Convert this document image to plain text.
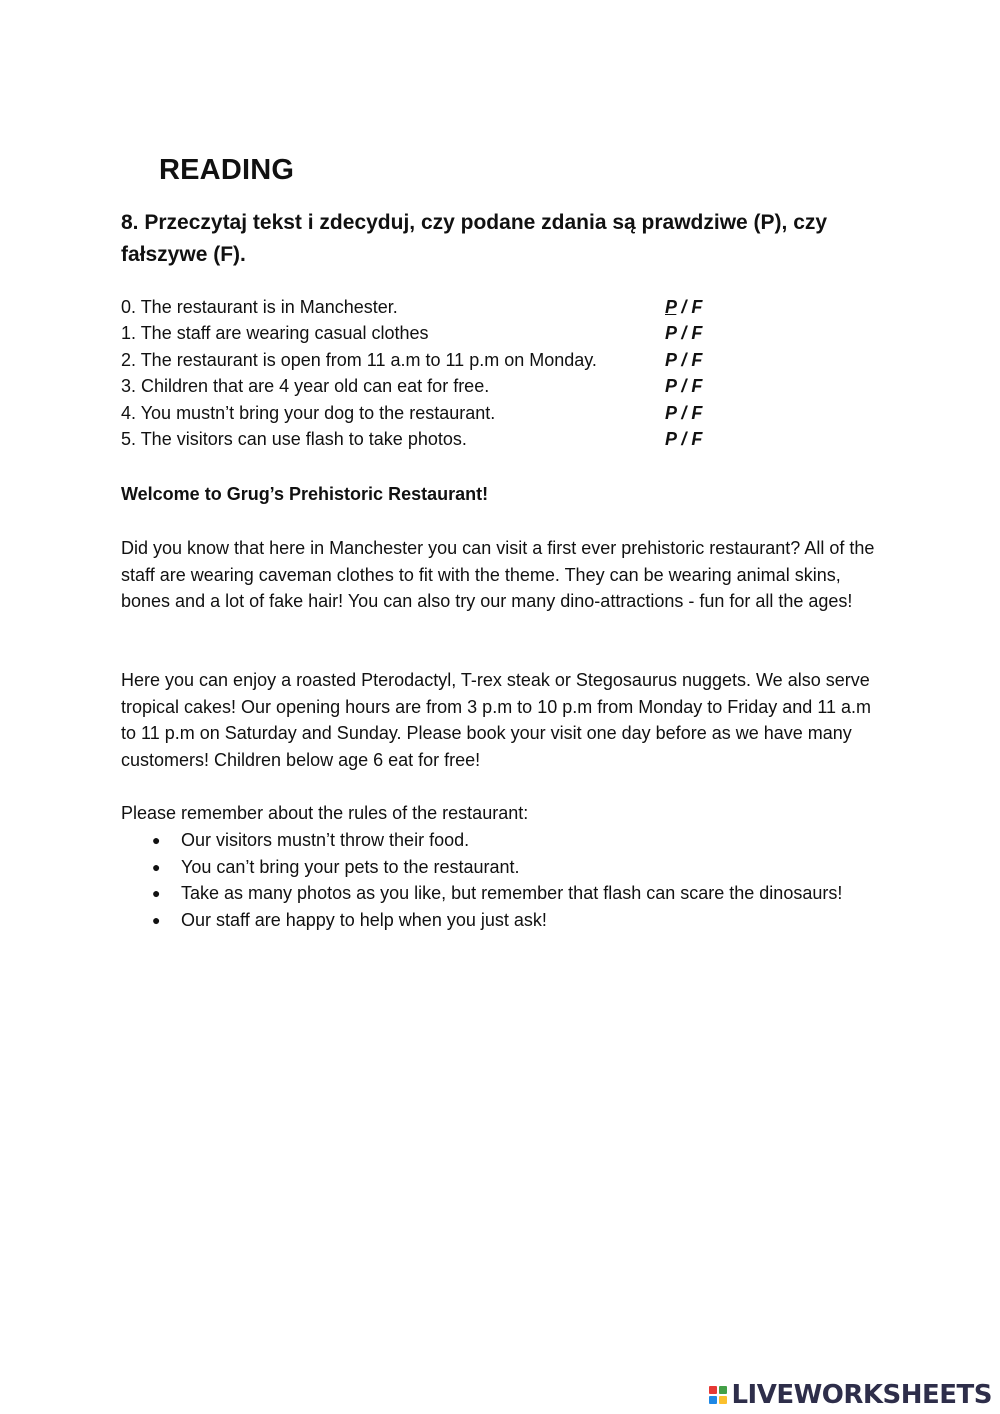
READING

8. Przeczytaj tekst i zdecyduj, czy podane zdania są prawdziwe (P), czy fałszywe (F).

0. The restaurant is in Manchester.	P / F
1. The staff are wearing casual clothes	P / F
2. The restaurant is open from 11 a.m to 11 p.m on Monday.	P / F
3. Children that are 4 year old can eat for free.	P / F
4. You mustn’t bring your dog to the restaurant.	P / F
5. The visitors can use flash to take photos.	P / F
Welcome to Grug’s Prehistoric Restaurant!

Did you know that here in Manchester you can visit a first ever prehistoric restaurant? All of the staff are wearing caveman clothes to fit with the theme. They can be wearing animal skins, bones and a lot of fake hair! You can also try our many dino-attractions - fun for all the ages!

Here you can enjoy a roasted Pterodactyl, T-rex steak or Stegosaurus nuggets. We also serve tropical cakes! Our opening hours are from 3 p.m to 10 p.m from Monday to Friday and 11 a.m to 11 p.m on Saturday and Sunday. Please book your visit one day before as we have many customers! Children below age 6 eat for free!

Please remember about the rules of the restaurant:

● Our visitors mustn’t throw their food.
● You can’t bring your pets to the restaurant.
● Take as many photos as you like, but remember that flash can scare the dinosaurs!
● Our staff are happy to help when you just ask!
LIVEWORKSHEETS
